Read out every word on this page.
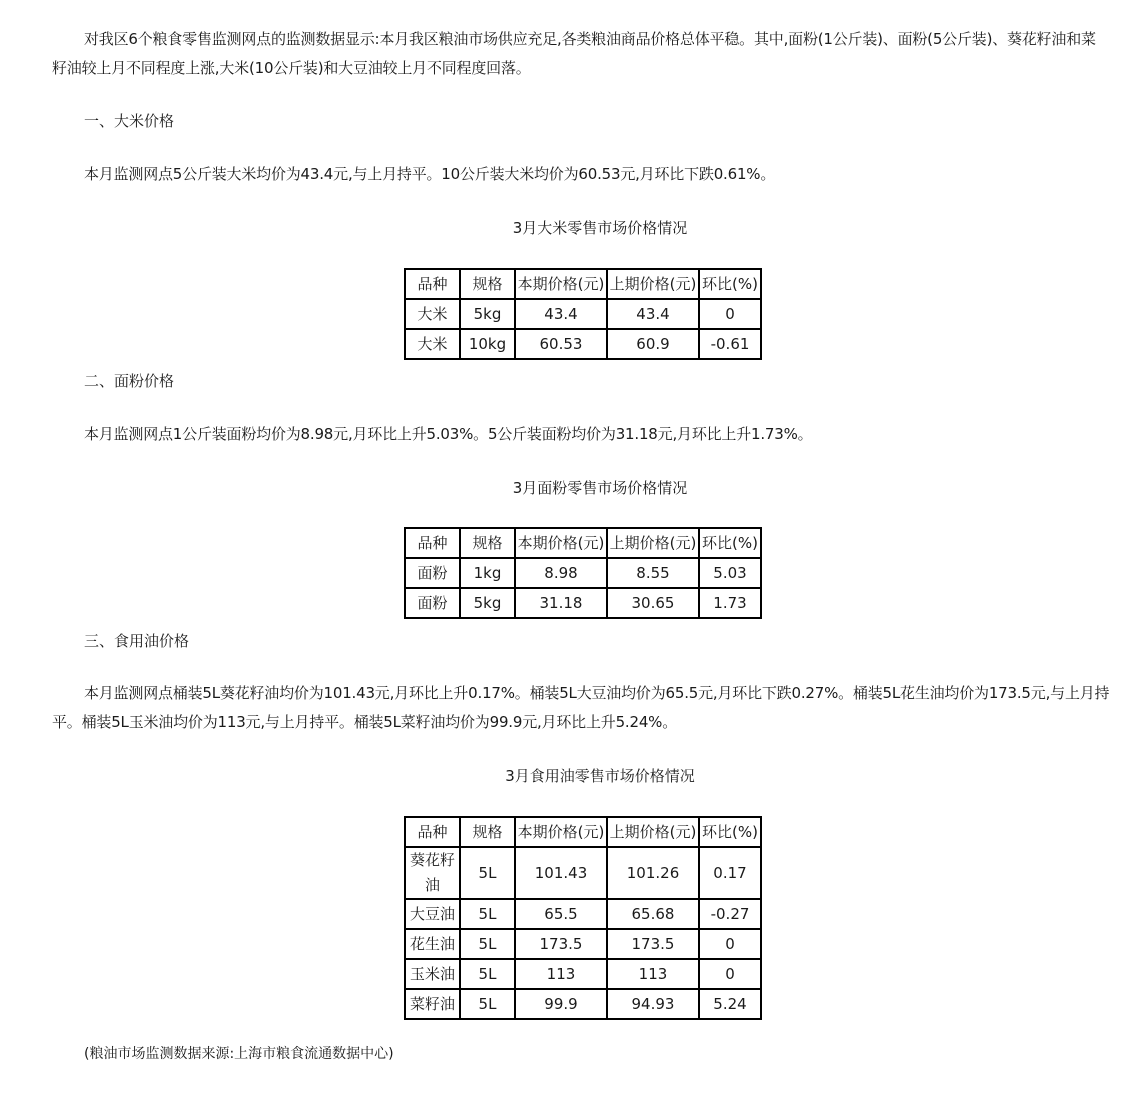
对我区6个粮食零售监测网点的监测数据显示:本月我区粮油市场供应充足,各类粮油商品价格总体平稳。其中,面粉(1公斤装)、面粉(5公斤装)、葵花籽油和菜籽油较上月不同程度上涨,大米(10公斤装)和大豆油较上月不同程度回落。

一、大米价格

本月监测网点5公斤装大米均价为43.4元,与上月持平。10公斤装大米均价为60.53元,月环比下跌0.61%。

3月大米零售市场价格情况

品种	规格	本期价格(元)	上期价格(元)	环比(%)
大米	5kg	43.4	43.4	0
大米	10kg	60.53	60.9	-0.61

二、面粉价格

本月监测网点1公斤装面粉均价为8.98元,月环比上升5.03%。5公斤装面粉均价为31.18元,月环比上升1.73%。

3月面粉零售市场价格情况

品种	规格	本期价格(元)	上期价格(元)	环比(%)
面粉	1kg	8.98	8.55	5.03
面粉	5kg	31.18	30.65	1.73

三、食用油价格

本月监测网点桶装5L葵花籽油均价为101.43元,月环比上升0.17%。桶装5L大豆油均价为65.5元,月环比下跌0.27%。桶装5L花生油均价为173.5元,与上月持平。桶装5L玉米油均价为113元,与上月持平。桶装5L菜籽油均价为99.9元,月环比上升5.24%。

3月食用油零售市场价格情况

品种	规格	本期价格(元)	上期价格(元)	环比(%)
葵花籽油	5L	101.43	101.26	0.17
大豆油	5L	65.5	65.68	-0.27
花生油	5L	173.5	173.5	0
玉米油	5L	113	113	0
菜籽油	5L	99.9	94.93	5.24

(粮油市场监测数据来源:上海市粮食流通数据中心)
